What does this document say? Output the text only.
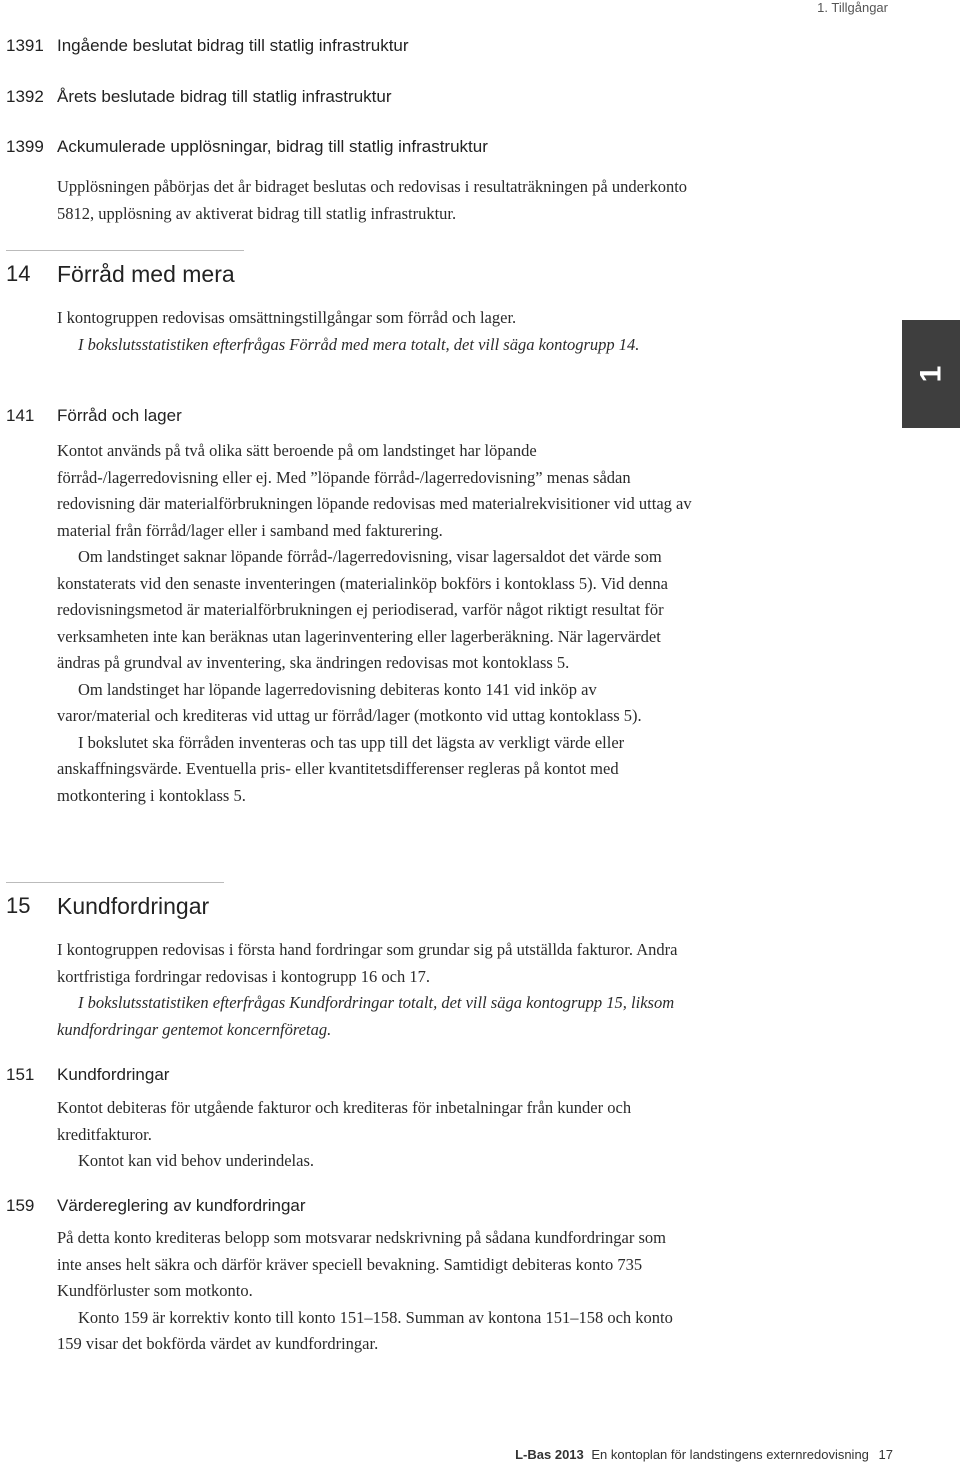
1. Tillgångar
1391 Ingående beslutat bidrag till statlig infrastruktur
1392 Årets beslutade bidrag till statlig infrastruktur
1399 Ackumulerade upplösningar, bidrag till statlig infrastruktur

Upplösningen påbörjas det år bidraget beslutas och redovisas i resultaträkningen på underkonto 5812, upplösning av aktiverat bidrag till statlig infrastruktur.

14 Förråd med mera

I kontogruppen redovisas omsättningstillgångar som förråd och lager.

I bokslutsstatistiken efterfrågas Förråd med mera totalt, det vill säga kontogrupp 14.

141 Förråd och lager

Kontot används på två olika sätt beroende på om landstinget har löpande förråd-/lagerredovisning eller ej. Med ”löpande förråd-/lagerredovisning” menas sådan redovisning där materialförbrukningen löpande redovisas med materialrekvisitioner vid uttag av material från förråd/lager eller i samband med fakturering.

Om landstinget saknar löpande förråd-/lagerredovisning, visar lagersaldot det värde som konstaterats vid den senaste inventeringen (materialinköp bokförs i kontoklass 5). Vid denna redovisningsmetod är materialförbrukningen ej periodiserad, varför något riktigt resultat för verksamheten inte kan beräknas utan lagerinventering eller lagerberäkning. När lagervärdet ändras på grundval av inventering, ska ändringen redovisas mot kontoklass 5.

Om landstinget har löpande lagerredovisning debiteras konto 141 vid inköp av varor/material och krediteras vid uttag ur förråd/lager (motkonto vid uttag kontoklass 5).

I bokslutet ska förråden inventeras och tas upp till det lägsta av verkligt värde eller anskaffningsvärde. Eventuella pris- eller kvantitetsdifferenser regleras på kontot med motkontering i kontoklass 5.

15 Kundfordringar

I kontogruppen redovisas i första hand fordringar som grundar sig på utställda fakturor. Andra kortfristiga fordringar redovisas i kontogrupp 16 och 17.

I bokslutsstatistiken efterfrågas Kundfordringar totalt, det vill säga kontogrupp 15, liksom kundfordringar gentemot koncernföretag.

151 Kundfordringar

Kontot debiteras för utgående fakturor och krediteras för inbetalningar från kunder och kreditfakturor.

Kontot kan vid behov underindelas.

159 Värdereglering av kundfordringar

På detta konto krediteras belopp som motsvarar nedskrivning på sådana kundfordringar som inte anses helt säkra och därför kräver speciell bevakning. Samtidigt debiteras konto 735 Kundförluster som motkonto.

Konto 159 är korrektiv konto till konto 151–158. Summan av kontona 151–158 och konto 159 visar det bokförda värdet av kundfordringar.

1
L-Bas 2013 En kontoplan för landstingens externredovisning 17
